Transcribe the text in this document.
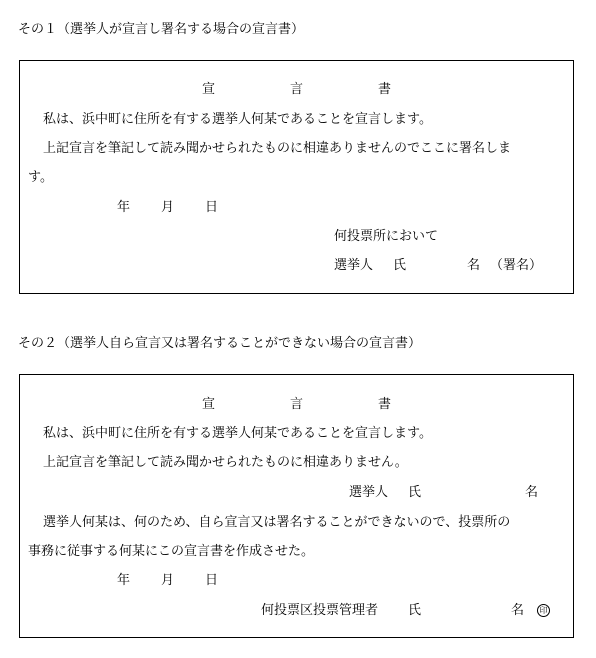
その１（選挙人が宣言し署名する場合の宣言書）
宣	言	書
私は、浜中町に住所を有する選挙人何某であることを宣言します。
上記宣言を筆記して読み聞かせられたものに相違ありませんのでここに署名しま
す。
年 月 日
何投票所において
選挙人 氏	名 （署名）
その２（選挙人自ら宣言又は署名することができない場合の宣言書）
宣	言	書
私は、浜中町に住所を有する選挙人何某であることを宣言します。
上記宣言を筆記して読み聞かせられたものに相違ありません。
選挙人 氏	名
選挙人何某は、何のため、自ら宣言又は署名することができないので、投票所の
事務に従事する何某にこの宣言書を作成させた。
年 月 日
何投票区投票管理者 氏	名	印
